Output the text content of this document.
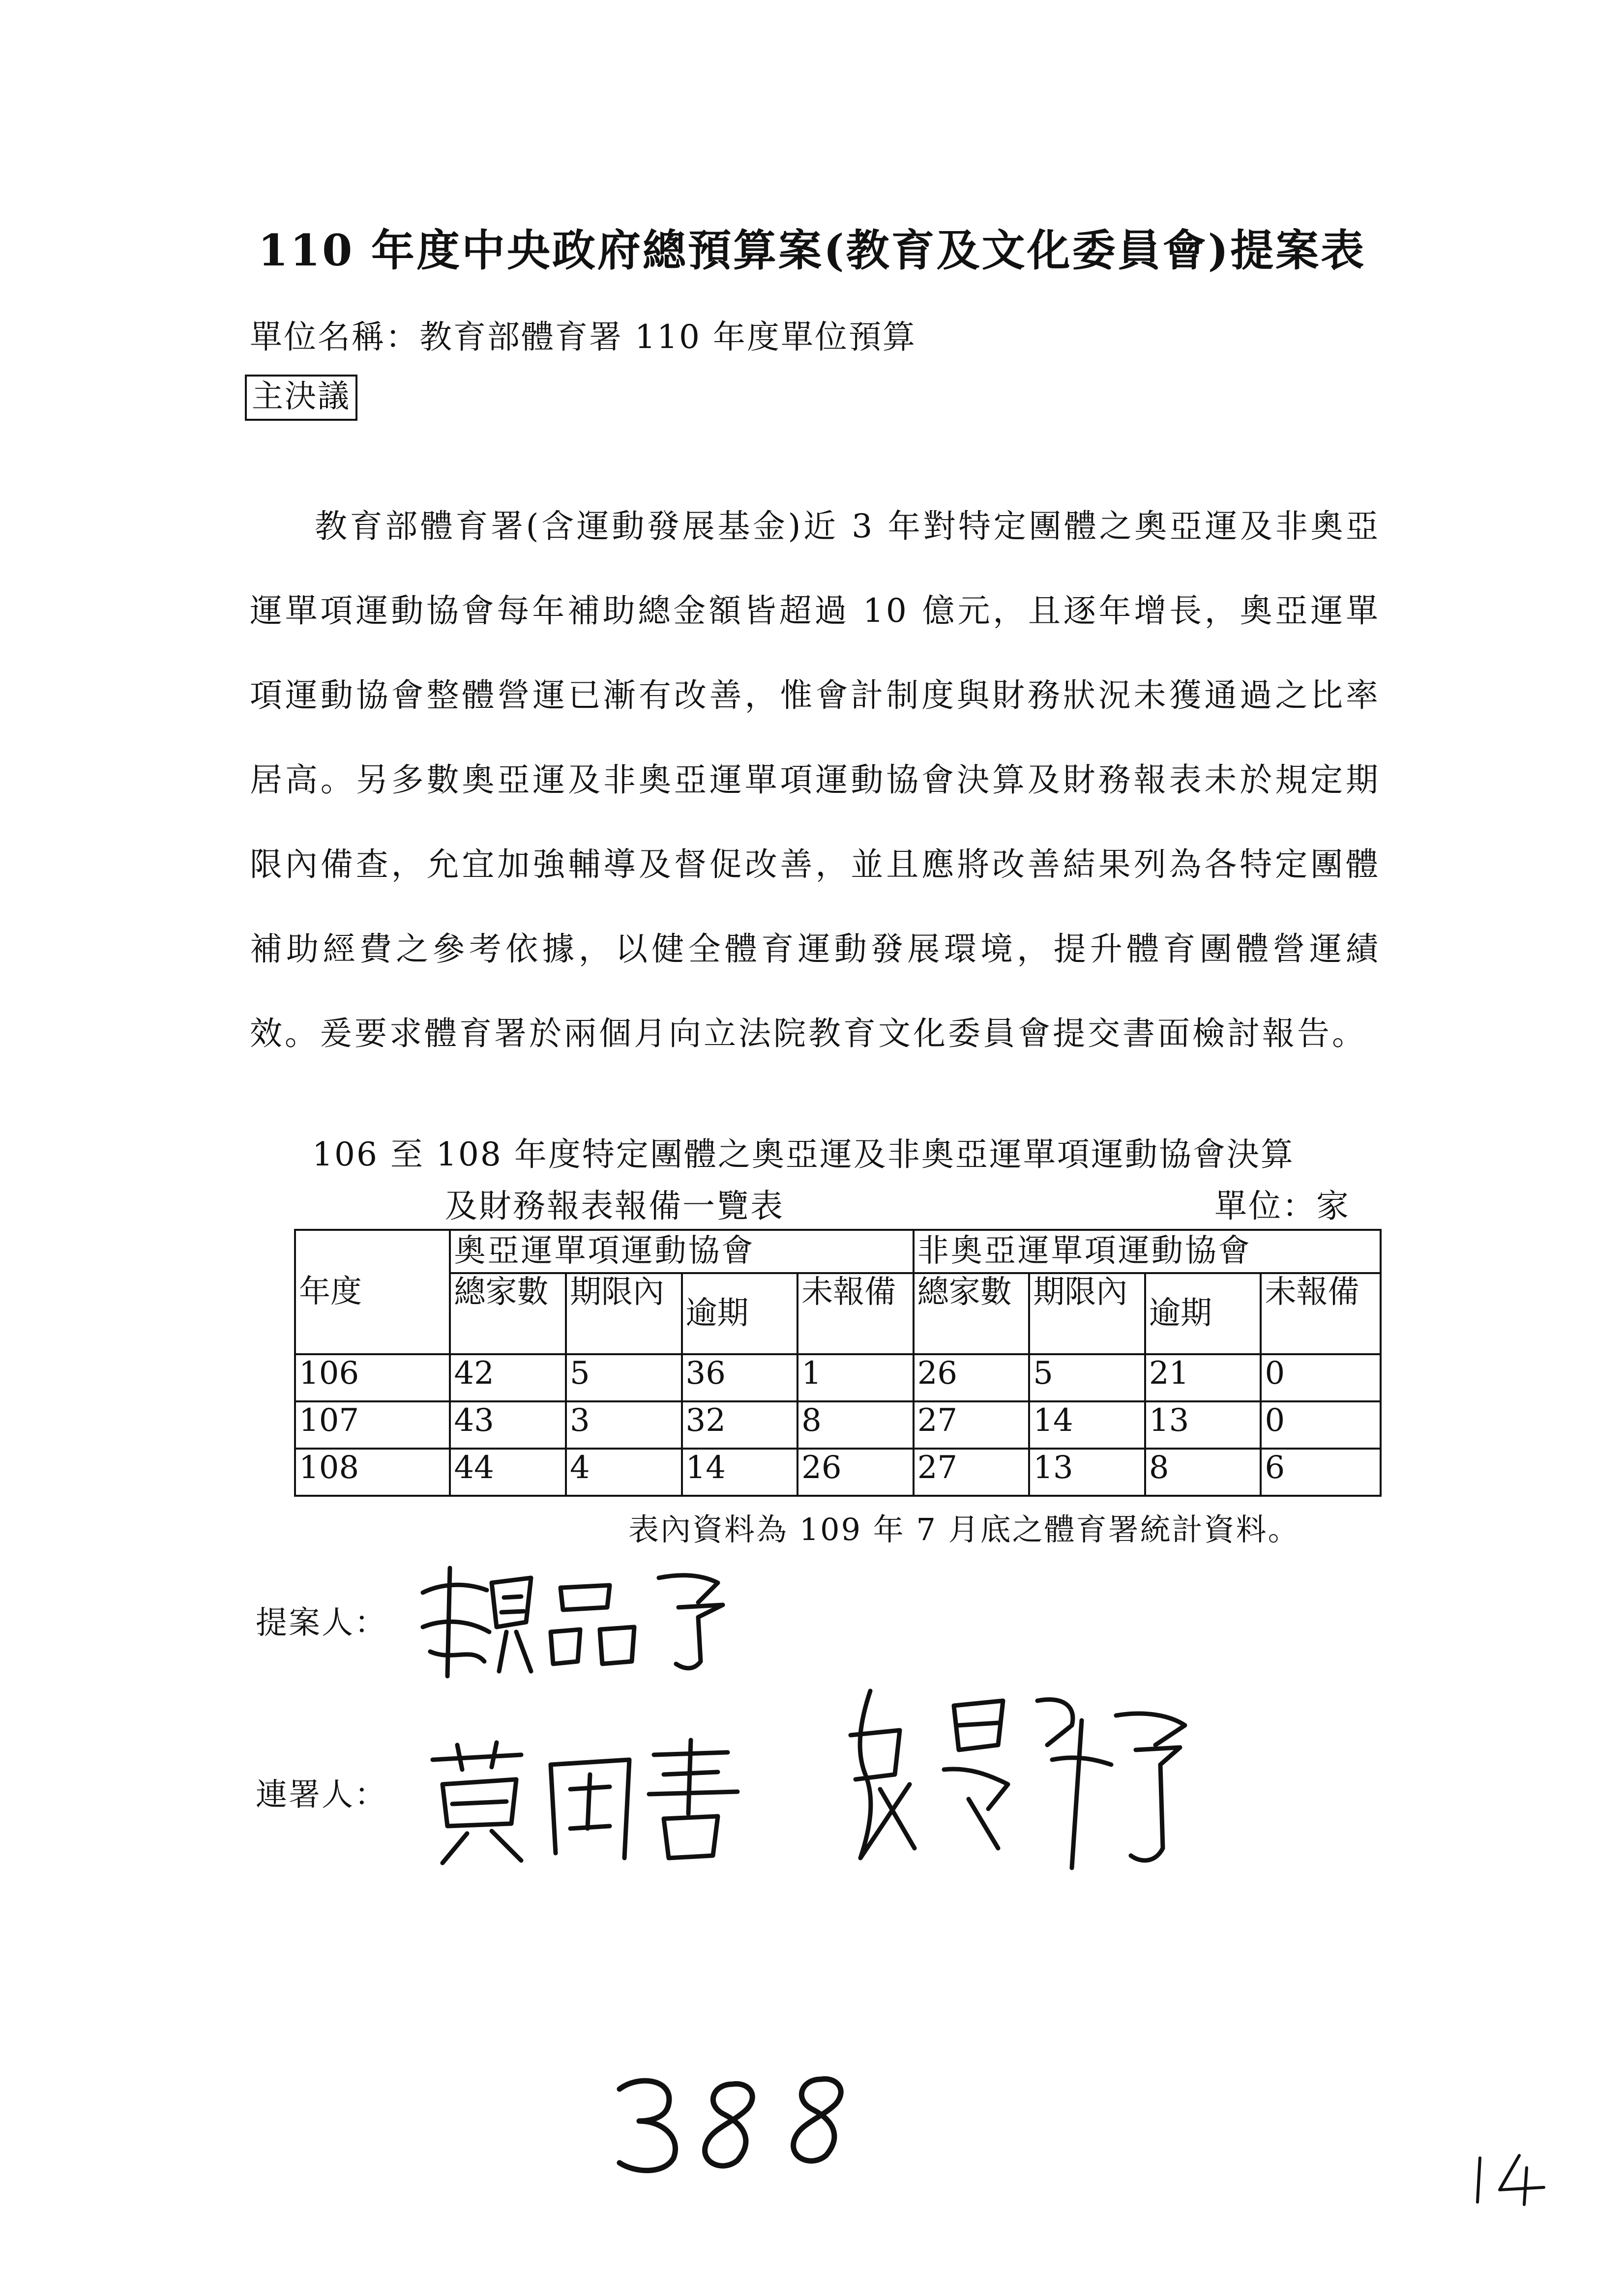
110 年度中央政府總預算案(教育及文化委員會)提案表

單位名稱：教育部體育署 110 年度單位預算

主決議

教育部體育署(含運動發展基金)近 3 年對特定團體之奧亞運及非奧亞運單項運動協會每年補助總金額皆超過 10 億元，且逐年增長，奧亞運單項運動協會整體營運已漸有改善，惟會計制度與財務狀況未獲通過之比率居高。另多數奧亞運及非奧亞運單項運動協會決算及財務報表未於規定期限內備查，允宜加強輔導及督促改善，並且應將改善結果列為各特定團體補助經費之參考依據，以健全體育運動發展環境，提升體育團體營運績效。爰要求體育署於兩個月向立法院教育文化委員會提交書面檢討報告。

106 至 108 年度特定團體之奧亞運及非奧亞運單項運動協會決算

及財務報表報備一覽表	單位：家

年度	奧亞運單項運動協會				非奧亞運單項運動協會			
	總家數	期限內	逾期	未報備	總家數	期限內	逾期	未報備
106	42	5	36	1	26	5	21	0
107	43	3	32	8	27	14	13	0
108	44	4	14	26	27	13	8	6

表內資料為 109 年 7 月底之體育署統計資料。

提案人：

連署人：
